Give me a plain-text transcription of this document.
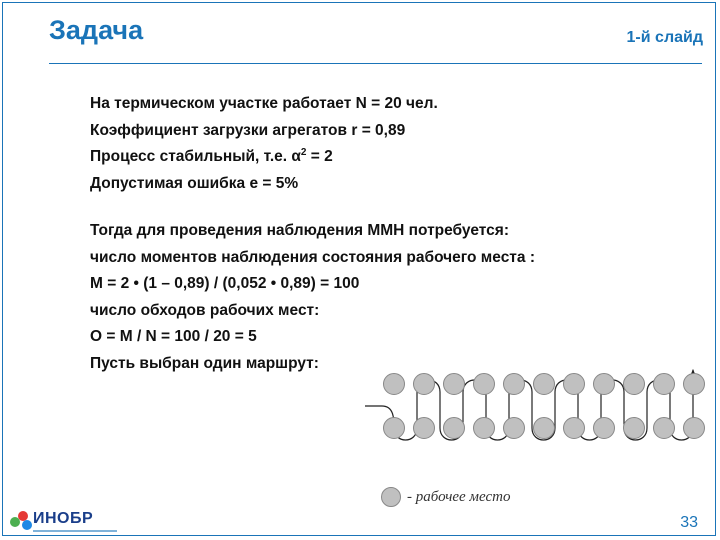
Задача	1-й слайд
На термическом участке работает N = 20 чел.
Коэффициент загрузки агрегатов r = 0,89
Процесс стабильный, т.е. $\alpha^2 = 2$
Допустимая ошибка e = 5%
Тогда для проведения наблюдения ММН потребуется:
число моментов наблюдения состояния рабочего места :
M = 2 • (1 – 0,89) / (0,052 • 0,89) = 100
число обходов рабочих мест:
O = M / N = 100 / 20 = 5
Пусть выбран один маршрут:
- рабочее место
ИНОБР	33
